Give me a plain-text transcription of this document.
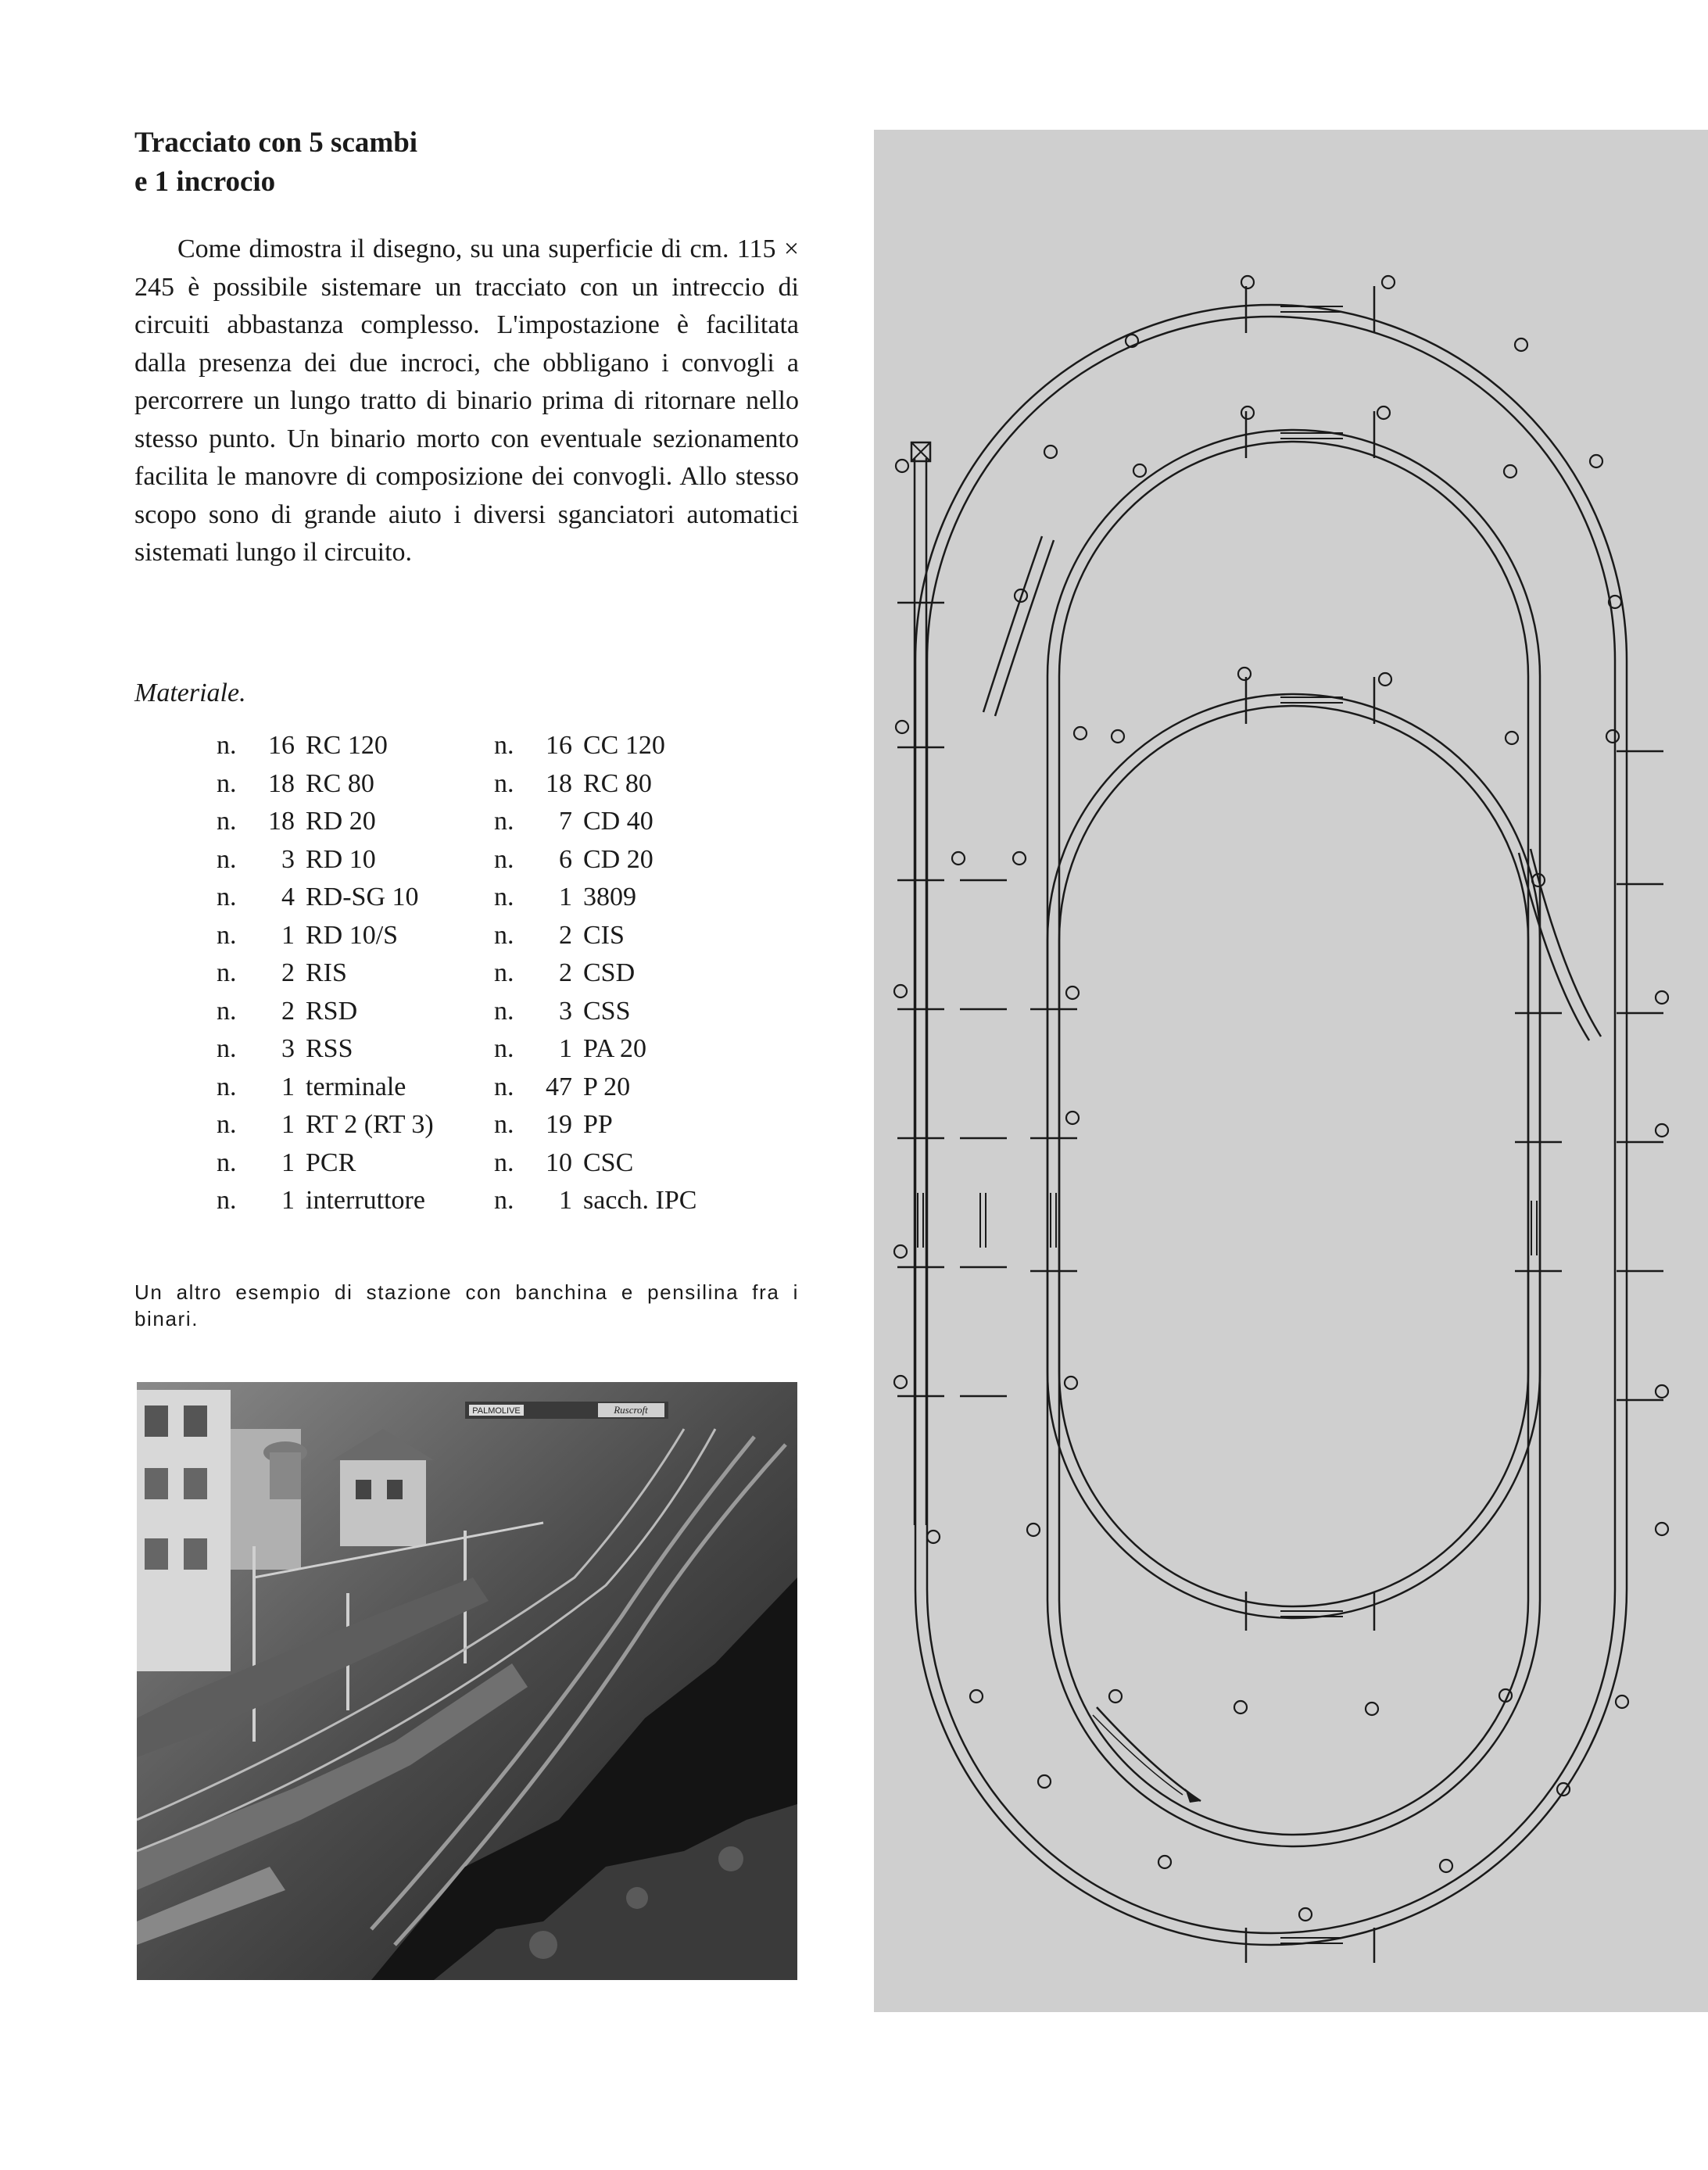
Tracciato con 5 scambi
e 1 incrocio

Come dimostra il disegno, su una superficie di cm. 115 × 245 è possibile sistemare un tracciato con un intreccio di circuiti abbastanza complesso. L'impostazione è facilitata dalla presenza dei due incroci, che obbligano i convogli a percorrere un lungo tratto di binario prima di ritornare nello stesso punto. Un binario morto con eventuale sezionamento facilita le manovre di composizione dei convogli. Allo stesso scopo sono di grande aiuto i diversi sganciatori automatici sistemati lungo il circuito.

Materiale.

n. 16 RC 120
n. 18 RC 80
n. 18 RD 20
n. 3 RD 10
n. 4 RD-SG 10
n. 1 RD 10/S
n. 2 RIS
n. 2 RSD
n. 3 RSS
n. 1 terminale
n. 1 RT 2 (RT 3)
n. 1 PCR
n. 1 interruttore
n. 16 CC 120
n. 18 RC 80
n. 7 CD 40
n. 6 CD 20
n. 1 3809
n. 2 CIS
n. 2 CSD
n. 3 CSS
n. 1 PA 20
n. 47 P 20
n. 19 PP
n. 10 CSC
n. 1 sacch. IPC
Un altro esempio di stazione con banchina e pensilina fra i binari.
PALMOLIVE	Ruscroft
